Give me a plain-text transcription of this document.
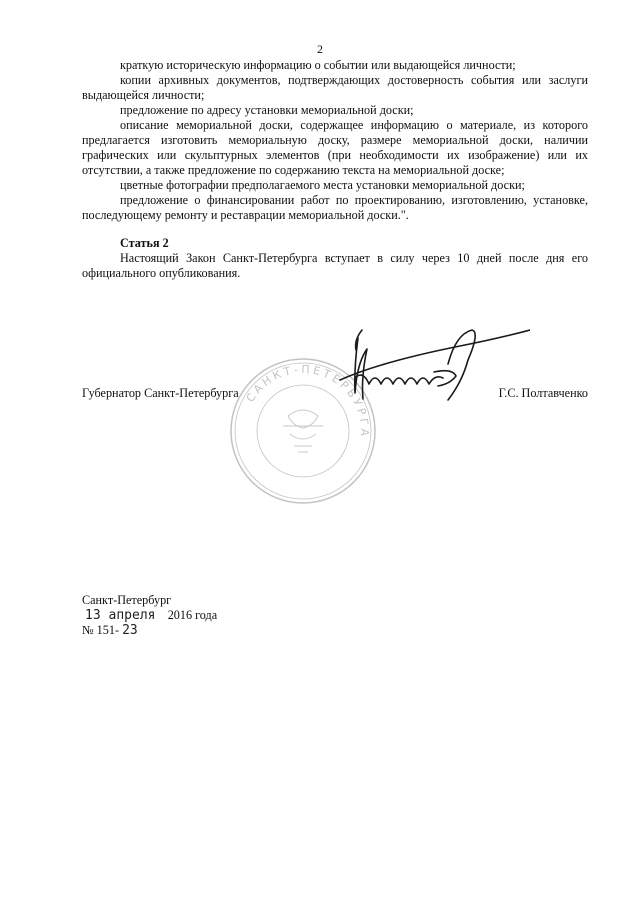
2

краткую историческую информацию о событии или выдающейся личности;

копии архивных документов, подтверждающих достоверность события или заслуги выдающейся личности;

предложение по адресу установки мемориальной доски;

описание мемориальной доски, содержащее информацию о материале, из которого предлагается изготовить мемориальную доску, размере мемориальной доски, наличии графических или скульптурных элементов (при необходимости их изображение) или их отсутствии, а также предложение по содержанию текста на мемориальной доске;

цветные фотографии предполагаемого места установки мемориальной доски;

предложение о финансировании работ по проектированию, изготовлению, установке, последующему ремонту и реставрации мемориальной доски.".

Статья 2

Настоящий Закон Санкт-Петербурга вступает в силу через 10 дней после дня его официального опубликования.

САНКТ-ПЕТЕРБУРГА
Губернатор Санкт-Петербурга	Г.С. Полтавченко
Санкт-Петербург
13 апреля 2016 года
№ 151- 23
